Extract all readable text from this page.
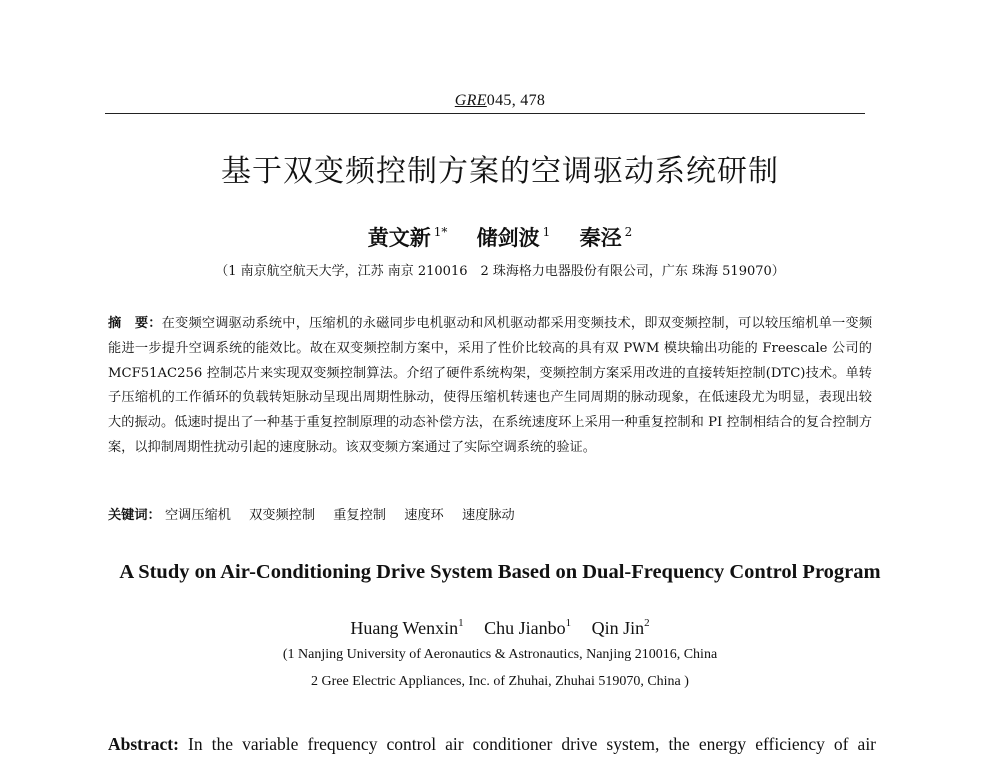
GRE045, 478
基于双变频控制方案的空调驱动系统研制
黄文新 $^{1*}$ 储剑波 $^1$ 秦泾 $^2$
（1 南京航空航天大学，江苏 南京 210016　2 珠海格力电器股份有限公司，广东 珠海 519070）
摘　要：在变频空调驱动系统中，压缩机的永磁同步电机驱动和风机驱动都采用变频技术，即双变频控制，可以较压缩机单一变频能进一步提升空调系统的能效比。故在双变频控制方案中，采用了性价比较高的具有双 PWM 模块输出功能的 Freescale 公司的 MCF51AC256 控制芯片来实现双变频控制算法。介绍了硬件系统构架，变频控制方案采用改进的直接转矩控制(DTC)技术。单转子压缩机的工作循环的负载转矩脉动呈现出周期性脉动，使得压缩机转速也产生同周期的脉动现象，在低速段尤为明显，表现出较大的振动。低速时提出了一种基于重复控制原理的动态补偿方法，在系统速度环上采用一种重复控制和 PI 控制相结合的复合控制方案，以抑制周期性扰动引起的速度脉动。该双变频方案通过了实际空调系统的验证。
关键词： 空调压缩机 双变频控制 重复控制 速度环 速度脉动
A Study on Air-Conditioning Drive System Based on Dual-Frequency Control Program
Huang Wenxin$^1$ Chu Jianbo$^1$ Qin Jin$^2$
(1 Nanjing University of Aeronautics & Astronautics, Nanjing 210016, China
2 Gree Electric Appliances, Inc. of Zhuhai, Zhuhai 519070, China )
Abstract: In the variable frequency control air conditioner drive system, the energy efficiency of air
